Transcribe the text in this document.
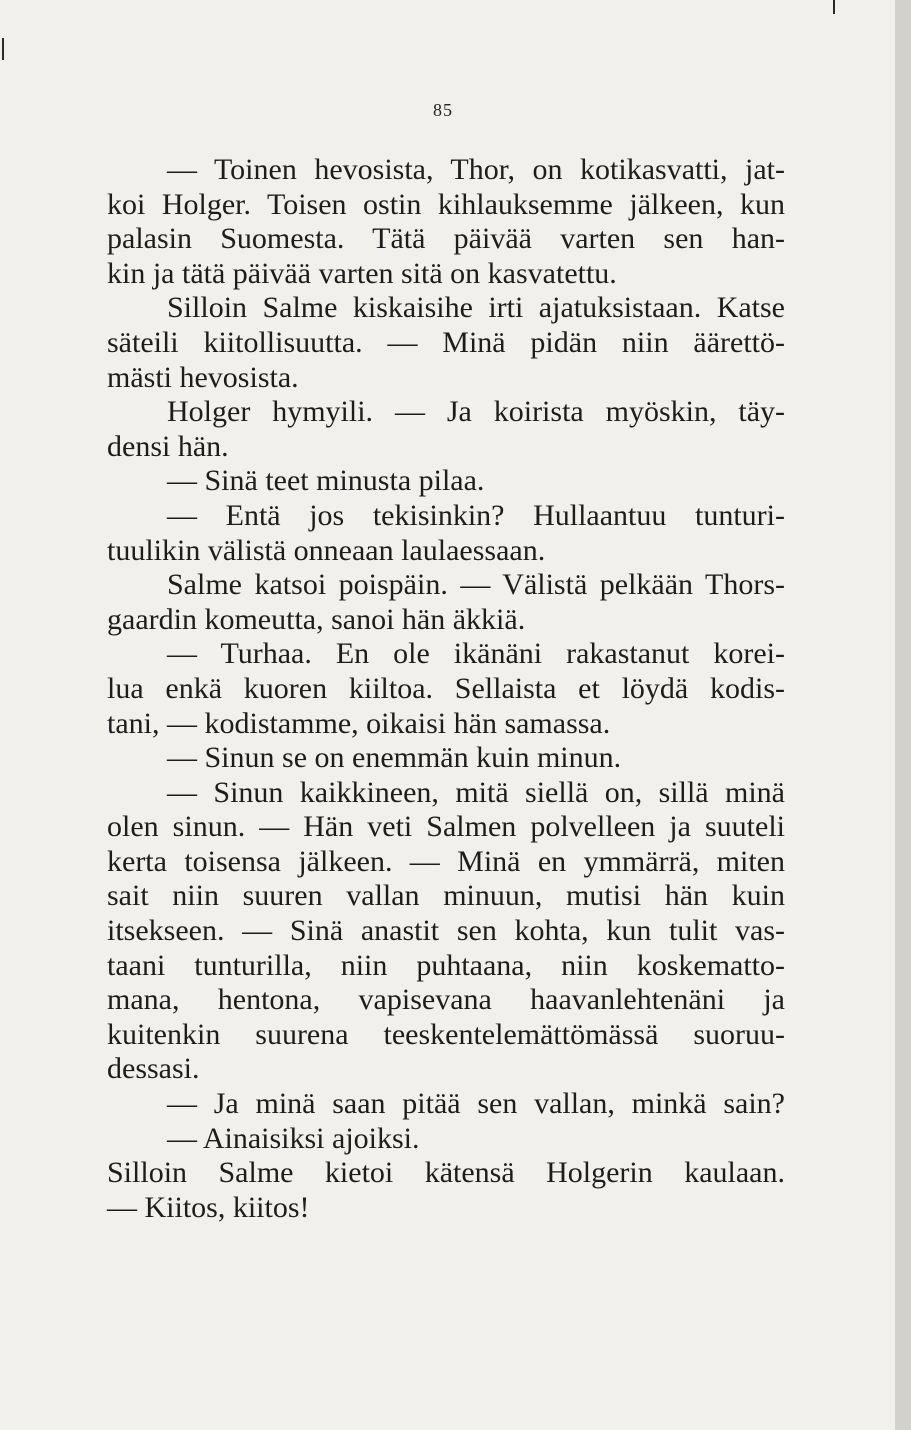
85
— Toinen hevosista, Thor, on kotikasvatti, jat-
koi Holger. Toisen ostin kihlauksemme jälkeen, kun
palasin Suomesta. Tätä päivää varten sen han-
kin ja tätä päivää varten sitä on kasvatettu.
Silloin Salme kiskaisihe irti ajatuksistaan. Katse
säteili kiitollisuutta. — Minä pidän niin äärettö-
mästi hevosista.
Holger hymyili. — Ja koirista myöskin, täy-
densi hän.
— Sinä teet minusta pilaa.
— Entä jos tekisinkin? Hullaantuu tunturi-
tuulikin välistä onneaan laulaessaan.
Salme katsoi poispäin. — Välistä pelkään Thors-
gaardin komeutta, sanoi hän äkkiä.
— Turhaa. En ole ikänäni rakastanut korei-
lua enkä kuoren kiiltoa. Sellaista et löydä kodis-
tani, — kodistamme, oikaisi hän samassa.
— Sinun se on enemmän kuin minun.
— Sinun kaikkineen, mitä siellä on, sillä minä
olen sinun. — Hän veti Salmen polvelleen ja suuteli
kerta toisensa jälkeen. — Minä en ymmärrä, miten
sait niin suuren vallan minuun, mutisi hän kuin
itsekseen. — Sinä anastit sen kohta, kun tulit vas-
taani tunturilla, niin puhtaana, niin koskematto-
mana, hentona, vapisevana haavanlehtenäni ja
kuitenkin suurena teeskentelemättömässä suoruu-
dessasi.
— Ja minä saan pitää sen vallan, minkä sain?
— Ainaisiksi ajoiksi.
Silloin Salme kietoi kätensä Holgerin kaulaan.
— Kiitos, kiitos!
